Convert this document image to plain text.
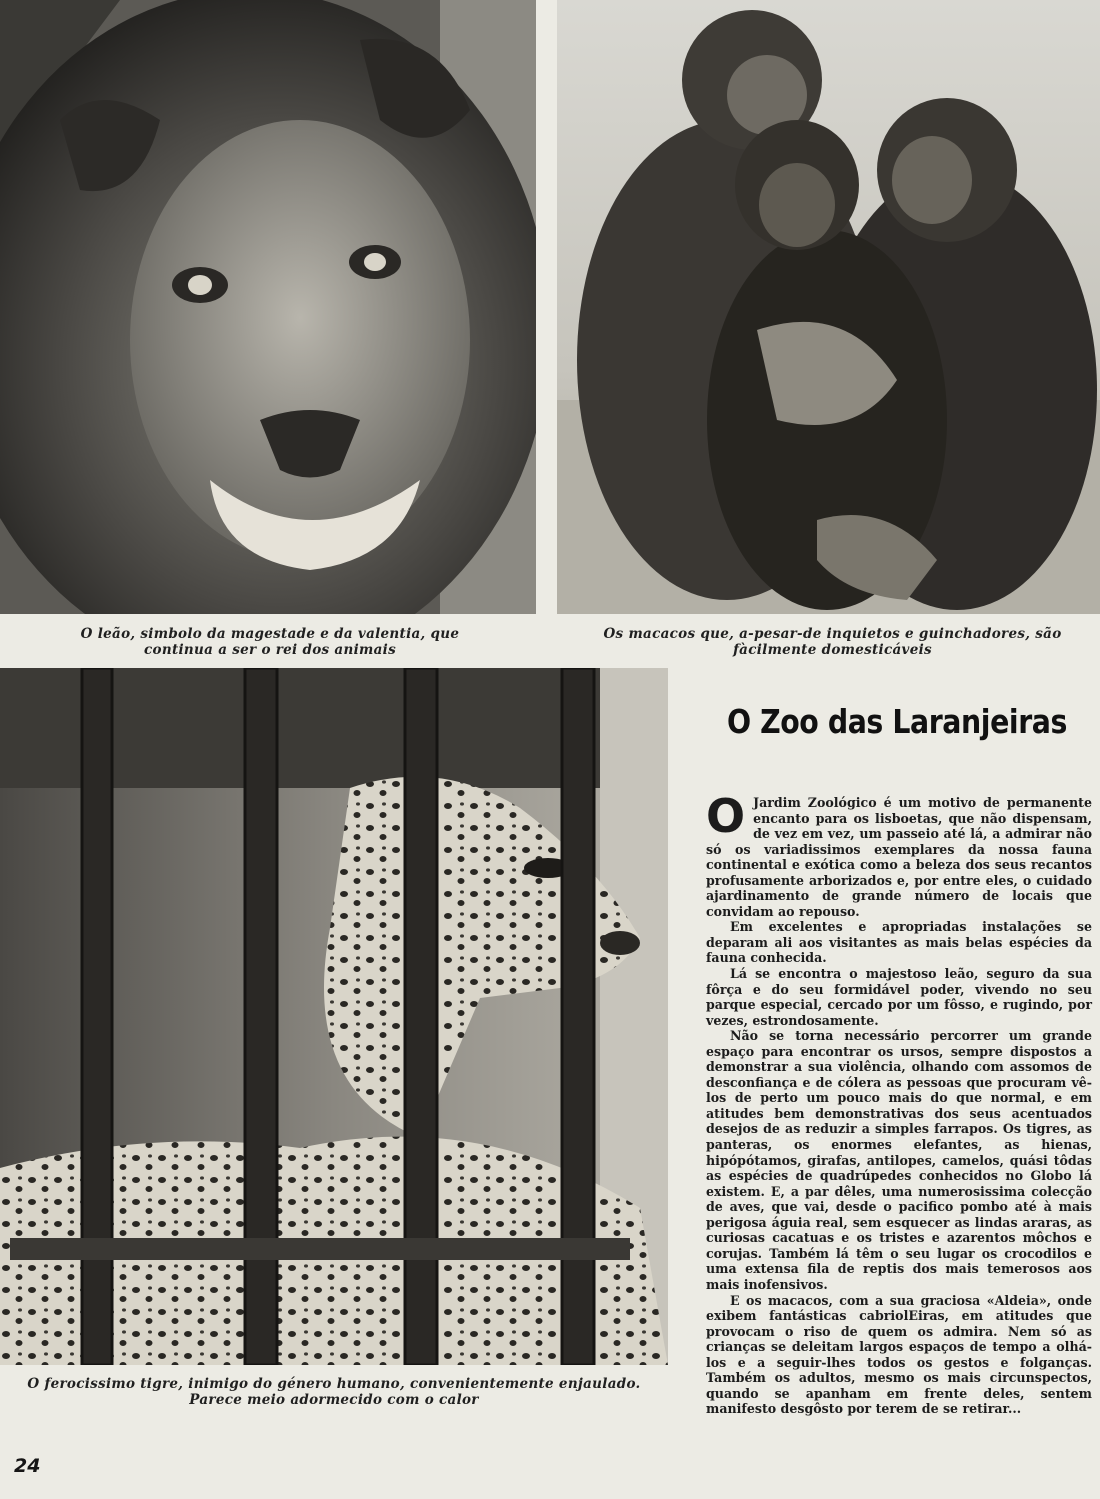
O leão, simbolo da magestade e da valentia, que
continua a ser o rei dos animais
Os macacos que, a-pesar-de inquietos e guinchadores, são
fàcilmente domesticáveis
O ferocissimo tigre, inimigo do género humano, convenientemente enjaulado.
Parece meio adormecido com o calor
24
O Zoo das Laranjeiras

O Jardim Zoológico é um motivo de permanente encanto para os lisboetas, que não dispensam, de vez em vez, um passeio até lá, a admirar não só os variadissimos exemplares da nossa fauna continental e exótica como a beleza dos seus recantos profusamente arborizados e, por entre eles, o cuidado ajardinamento de grande número de locais que convidam ao repouso.

Em excelentes e apropriadas instalações se deparam ali aos visitantes as mais belas espécies da fauna conhecida.

Lá se encontra o majestoso leão, seguro da sua fôrça e do seu formidável poder, vivendo no seu parque especial, cercado por um fôsso, e rugindo, por vezes, estrondosamente.

Não se torna necessário percorrer um grande espaço para encontrar os ursos, sempre dispostos a demonstrar a sua violência, olhando com assomos de desconfiança e de cólera as pessoas que procuram vê-los de perto um pouco mais do que normal, e em atitudes bem demonstrativas dos seus acentuados desejos de as reduzir a simples farrapos. Os tigres, as panteras, os enormes elefantes, as hienas, hipópótamos, girafas, antilopes, camelos, quási tôdas as espécies de quadrúpedes conhecidos no Globo lá existem. E, a par dêles, uma numerosissima colecção de aves, que vai, desde o pacifico pombo até à mais perigosa águia real, sem esquecer as lindas araras, as curiosas cacatuas e os tristes e azarentos môchos e corujas. Também lá têm o seu lugar os crocodilos e uma extensa fila de reptis dos mais temerosos aos mais inofensivos.

E os macacos, com a sua graciosa «Aldeia», onde exibem fantásticas cabriolEiras, em atitudes que provocam o riso de quem os admira. Nem só as crianças se deleitam largos espaços de tempo a olhá-los e a seguir-lhes todos os gestos e folganças. Também os adultos, mesmo os mais circunspectos, quando se apanham em frente deles, sentem manifesto desgôsto por terem de se retirar...
